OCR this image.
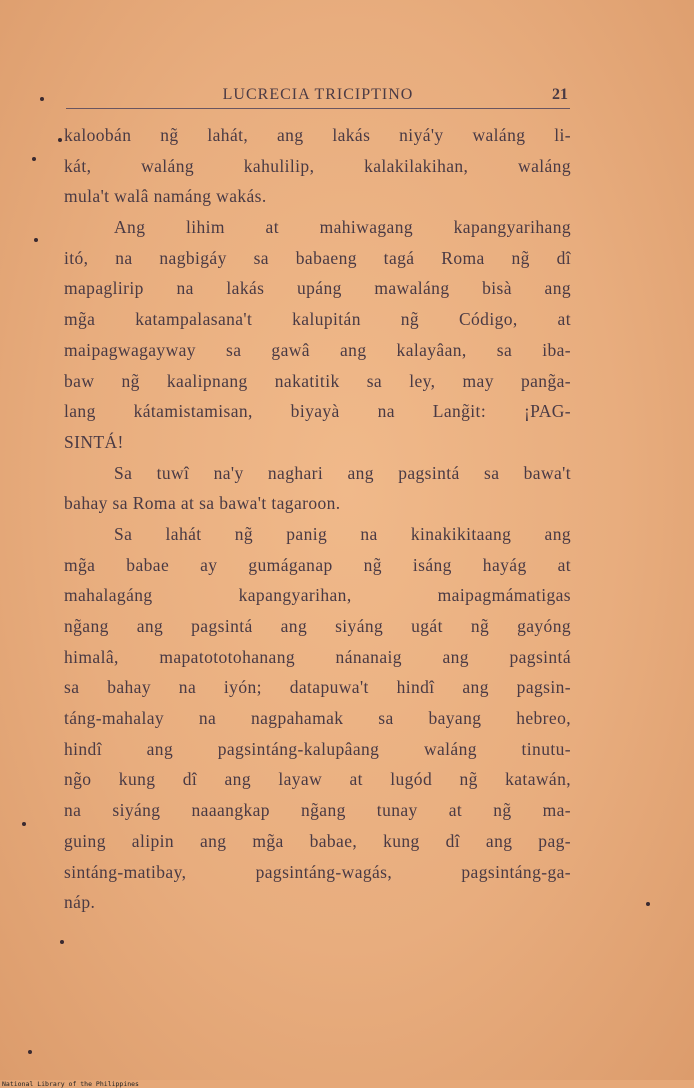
LUCRECIA TRICIPTINO	21
kaloobán ng̃ lahát, ang lakás niyá'y waláng li-
kát, waláng kahulilip, kalakilakihan, waláng
mula't walâ namáng wakás.
Ang lihim at mahiwagang kapangyarihang
itó, na nagbigáy sa babaeng tagá Roma ng̃ dî
mapaglirip na lakás upáng mawaláng bisà ang
mg̃a katampalasana't kalupitán ng̃ Código, at
maipagwagayway sa gawâ ang kalayâan, sa iba-
baw ng̃ kaalipnang nakatitik sa ley, may pang̃a-
lang kátamistamisan, biyayà na Lang̃it: ¡PAG-
SINTÁ!
Sa tuwî na'y naghari ang pagsintá sa bawa't
bahay sa Roma at sa bawa't tagaroon.
Sa lahát ng̃ panig na kinakikitaang ang
mg̃a babae ay gumáganap ng̃ isáng hayág at
mahalagáng kapangyarihan, maipagmámatigas
ng̃ang ang pagsintá ang siyáng ugát ng̃ gayóng
himalâ, mapatototohanang nánanaig ang pagsintá
sa bahay na iyón; datapuwa't hindî ang pagsin-
táng-mahalay na nagpahamak sa bayang hebreo,
hindî ang pagsintáng-kalupâang waláng tinutu-
ng̃o kung dî ang layaw at lugód ng̃ katawán,
na siyáng naaangkap ng̃ang tunay at ng̃ ma-
guing alipin ang mg̃a babae, kung dî ang pag-
sintáng-matibay, pagsintáng-wagás, pagsintáng-ga-
náp.
National Library of the Philippines
